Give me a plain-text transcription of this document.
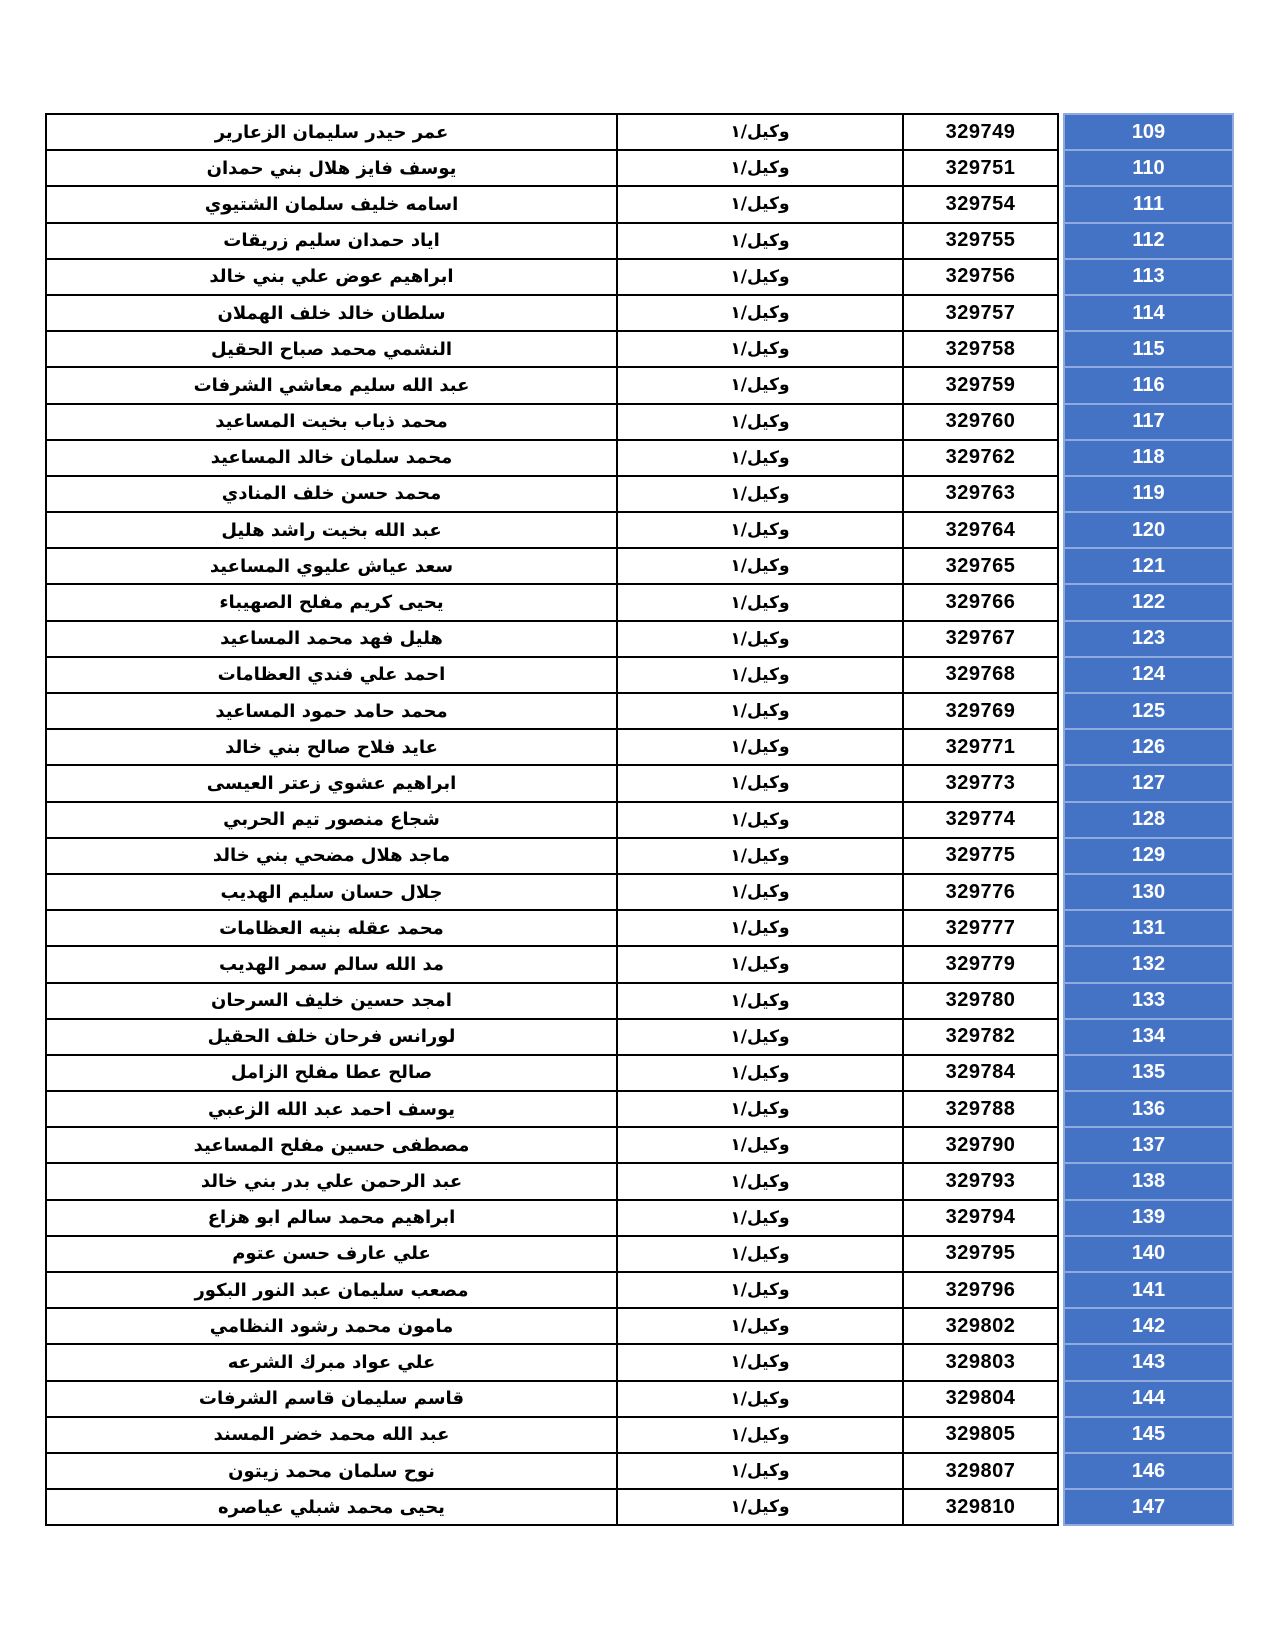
عمر حيدر سليمان الزعارير	وكيل/١	329749		109
يوسف فايز هلال بني حمدان	وكيل/١	329751		110
اسامه خليف سلمان الشتيوي	وكيل/١	329754		111
اياد حمدان سليم زريقات	وكيل/١	329755		112
ابراهيم عوض علي بني خالد	وكيل/١	329756		113
سلطان خالد خلف الهملان	وكيل/١	329757		114
النشمي محمد صباح الحقيل	وكيل/١	329758		115
عبد الله سليم معاشي الشرفات	وكيل/١	329759		116
محمد ذياب بخيت المساعيد	وكيل/١	329760		117
محمد سلمان خالد المساعيد	وكيل/١	329762		118
محمد حسن خلف المنادي	وكيل/١	329763		119
عبد الله بخيت راشد هليل	وكيل/١	329764		120
سعد عياش عليوي المساعيد	وكيل/١	329765		121
يحيى كريم مفلح الصهيباء	وكيل/١	329766		122
هليل فهد محمد المساعيد	وكيل/١	329767		123
احمد علي فندي العظامات	وكيل/١	329768		124
محمد حامد حمود المساعيد	وكيل/١	329769		125
عايد فلاح صالح بني خالد	وكيل/١	329771		126
ابراهيم عشوي زعتر العيسى	وكيل/١	329773		127
شجاع منصور تيم الحربي	وكيل/١	329774		128
ماجد هلال مضحي بني خالد	وكيل/١	329775		129
جلال حسان سليم الهديب	وكيل/١	329776		130
محمد عقله بنيه العظامات	وكيل/١	329777		131
مد الله سالم سمر الهديب	وكيل/١	329779		132
امجد حسين خليف السرحان	وكيل/١	329780		133
لورانس فرحان خلف الحقيل	وكيل/١	329782		134
صالح عطا مفلح الزامل	وكيل/١	329784		135
يوسف احمد عبد الله الزعبي	وكيل/١	329788		136
مصطفى حسين مفلح المساعيد	وكيل/١	329790		137
عبد الرحمن علي بدر بني خالد	وكيل/١	329793		138
ابراهيم محمد سالم ابو هزاع	وكيل/١	329794		139
علي عارف حسن عتوم	وكيل/١	329795		140
مصعب سليمان عبد النور البكور	وكيل/١	329796		141
مامون محمد رشود النظامي	وكيل/١	329802		142
علي عواد مبرك الشرعه	وكيل/١	329803		143
قاسم سليمان قاسم الشرفات	وكيل/١	329804		144
عبد الله محمد خضر المسند	وكيل/١	329805		145
نوح سلمان محمد زيتون	وكيل/١	329807		146
يحيى محمد شبلي عياصره	وكيل/١	329810		147
